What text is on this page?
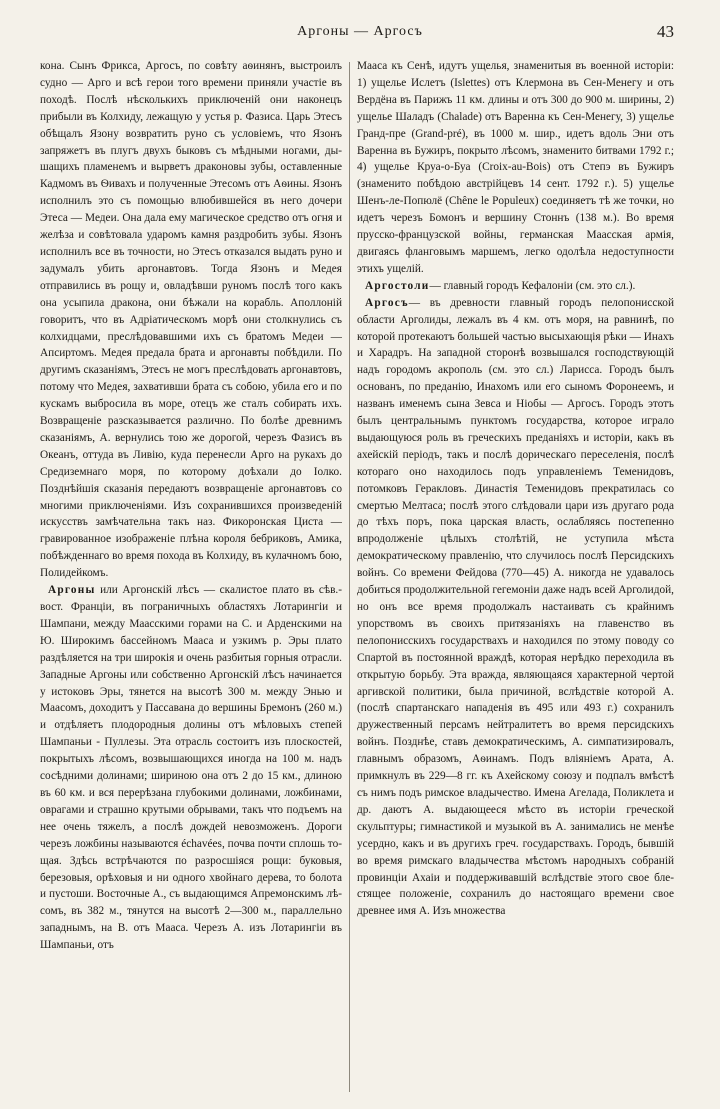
Аргоны — Аргосъ	43

кона. Сынъ Фрикса, Аргосъ, по совѣту аѳинянъ, выстроилъ судно — Арго и всѣ герои того времени приняли участіе въ походѣ. Послѣ нѣсколькихъ приключеній они наконецъ прибыли въ Колхиду, лежащую у устья р. Фазиса. Царь Этесъ обѣщалъ Язону возвратить руно съ условіемъ, что Язонъ запряжетъ въ плугъ двухъ быковъ съ мѣдными ногами, дышащихъ пламенемъ и вырветъ драконовы зубы, оставленные Кадмомъ въ Ѳивахъ и полученные Этесомъ отъ Аѳины. Язонъ исполнилъ это съ помощью влюбившейся въ него дочери Этеса — Медеи. Она дала ему магическое средство отъ огня и желѣза и совѣтовала ударомъ камня раздробить зубы. Язонъ исполнилъ все въ точности, но Этесъ отказался выдать руно и задумалъ убить аргонавтовъ. Тогда Язонъ и Медея отправились въ рощу и, овладѣвши руномъ послѣ того какъ она усыпила дракона, они бѣжали на корабль. Аполлоній говоритъ, что въ Адріатическомъ морѣ они столкнулись съ колхидцами, преслѣдовавшими ихъ съ братомъ Медеи — Апсиртомъ. Медея предала брата и аргонавты побѣдили. По другимъ сказаніямъ, Этесъ не могъ преслѣдовать аргонавтовъ, потому что Медея, захвативши брата съ собою, убила его и по кускамъ выбросила въ море, отецъ же сталъ собирать ихъ. Возвращеніе разсказывается различно. По болѣе древнимъ сказаніямъ, А. вернулись тою же дорогой, черезъ Фазисъ въ Океанъ, оттуда въ Ливію, куда перенесли Арго на рукахъ до Средиземнаго моря, по которому доѣхали до Іолко. Позднѣйшія сказанія передаютъ возвращеніе аргонавтовъ со многими приключеніями. Изъ сохранившихся произведеній искусствъ замѣчательна такъ наз. Фикоронская Циста — гравированное изображеніе плѣна короля бебриковъ, Амика, побѣжденнаго во время похода въ Колхиду, въ кулачномъ бою, Полидейкомъ.

Аргоны или Аргонскій лѣсъ — скалистое плато въ сѣв.-вост. Франціи, въ пограничныхъ областяхъ Лотарингіи и Шампани, между Маасскими горами на С. и Арденскими на Ю. Широкимъ бассейномъ Мааса и узкимъ р. Эры плато раздѣляется на три широкія и очень разбитыя горныя отрасли. Западные Аргоны или собственно Аргонскій лѣсъ начинается у истоковъ Эры, тянется на высотѣ 300 м. между Энью и Маасомъ, доходитъ у Пассавана до вершины Бремонъ (260 м.) и отдѣляетъ плодородныя долины отъ мѣловыхъ степей Шампаньи - Пуллезы. Эта отрасль состоитъ изъ плоскостей, покрытыхъ лѣсомъ, возвышающихся иногда на 100 м. надъ сосѣдними долинами; шириною она отъ 2 до 15 км., длиною въ 60 км. и вся перерѣзана глубокими долинами, ложбинами, оврагами и страшно крутыми обрывами, такъ что подъемъ на нее очень тяжелъ, а послѣ дождей невозможенъ. Дороги черезъ ложбины называются échavées, почва почти сплошь тощая. Здѣсь встрѣчаются по разросшіяся рощи: буковыя, березовыя, орѣховыя и ни одного хвойнаго дерева, то болота и пустоши. Восточные А., съ выдающимся Апремонскимъ лѣсомъ, въ 382 м., тянутся на высотѣ 2—300 м., параллельно западнымъ, на В. отъ Мааса. Черезъ А. изъ Лотарингіи въ Шампаньи, отъ

Мааса къ Сенѣ, идутъ ущелья, знаменитыя въ военной исторіи: 1) ущелье Ислетъ (Islettes) отъ Клермона въ Сен-Менегу и отъ Вердёна въ Парижъ 11 км. длины и отъ 300 до 900 м. ширины, 2) ущелье Шаладъ (Chalade) отъ Варенна къ Сен-Менегу, 3) ущелье Гранд-пре (Grand-pré), въ 1000 м. шир., идетъ вдоль Эни отъ Варенна въ Бужиръ, покрыто лѣсомъ, знаменито битвами 1792 г.; 4) ущелье Круа-о-Буа (Croix-au-Bois) отъ Степэ въ Бужиръ (знаменито побѣдою австрійцевъ 14 сент. 1792 г.). 5) ущелье Шенъ-ле-Попюлё (Chêne le Populeux) соединяетъ тѣ же точки, но идетъ черезъ Бомонъ и вершину Стоннъ (138 м.). Во время прусско-французской войны, германская Маасская армія, двигаясь фланговымъ маршемъ, легко одолѣла недоступности этихъ ущелій.

Аргостоли— главный городъ Кефалоніи (см. это сл.).

Аргосъ— въ древности главный городъ пелопонисской области Арголиды, лежалъ въ 4 км. отъ моря, на равнинѣ, по которой протекаютъ большей частью высыхающія рѣки — Инахъ и Харадръ. На западной сторонѣ возвышался господствующій надъ городомъ акрополь (см. это сл.) Лариcса. Городъ былъ основанъ, по преданію, Инахомъ или его сыномъ Форонеемъ, и названъ именемъ сына Зевса и Ніобы — Аргосъ. Городъ этотъ былъ центральнымъ пунктомъ государства, которое играло выдающуюся роль въ греческихъ преданіяхъ и исторіи, какъ въ ахейскій періодъ, такъ и послѣ дорическаго переселенія, послѣ котораго оно находилось подъ управленіемъ Теменидовъ, потомковъ Геракловъ. Династія Теменидовъ прекратилась со смертью Мелтаса; послѣ этого слѣдовали цари изъ другаго рода до тѣхъ поръ, пока царская власть, ослабляясь постепенно впродолженіе цѣлыхъ столѣтій, не уступила мѣста демократическому правленію, что случилось послѣ Персидскихъ войнъ. Со времени Фейдова (770—45) А. никогда не удавалось добиться продолжительной гегемоніи даже надъ всей Арголидой, но онъ все время продолжалъ настаивать съ крайнимъ упорствомъ въ своихъ притязаніяхъ на главенство въ пелопонисскихъ государствахъ и находился по этому поводу со Спартой въ постоянной враждѣ, которая нерѣдко переходила въ открытую борьбу. Эта вражда, являющаяся характерной чертой аргивской политики, была причиной, вслѣдствіе которой А. (послѣ спартанскаго нападенія въ 495 или 493 г.) сохранилъ дружественный персамъ нейтралитетъ во время персидскихъ войнъ. Позднѣе, ставъ демократическимъ, А. симпатизировалъ, главнымъ образомъ, Аѳинамъ. Подъ вліяніемъ Арата, А. примкнулъ въ 229—8 гг. къ Ахейскому союзу и подпалъ вмѣстѣ съ нимъ подъ римское владычество. Имена Агелада, Поликлета и др. даютъ А. выдающееся мѣсто въ исторіи греческой скульптуры; гимнастикой и музыкой въ А. занимались не менѣе усердно, какъ и въ другихъ греч. государствахъ. Городъ, бывшій во время римскаго владычества мѣстомъ народныхъ собраній провинціи Ахаіи и поддерживавшій вслѣдствіе этого свое блестящее положеніе, сохранилъ до настоящаго времени свое древнее имя А. Изъ множества
